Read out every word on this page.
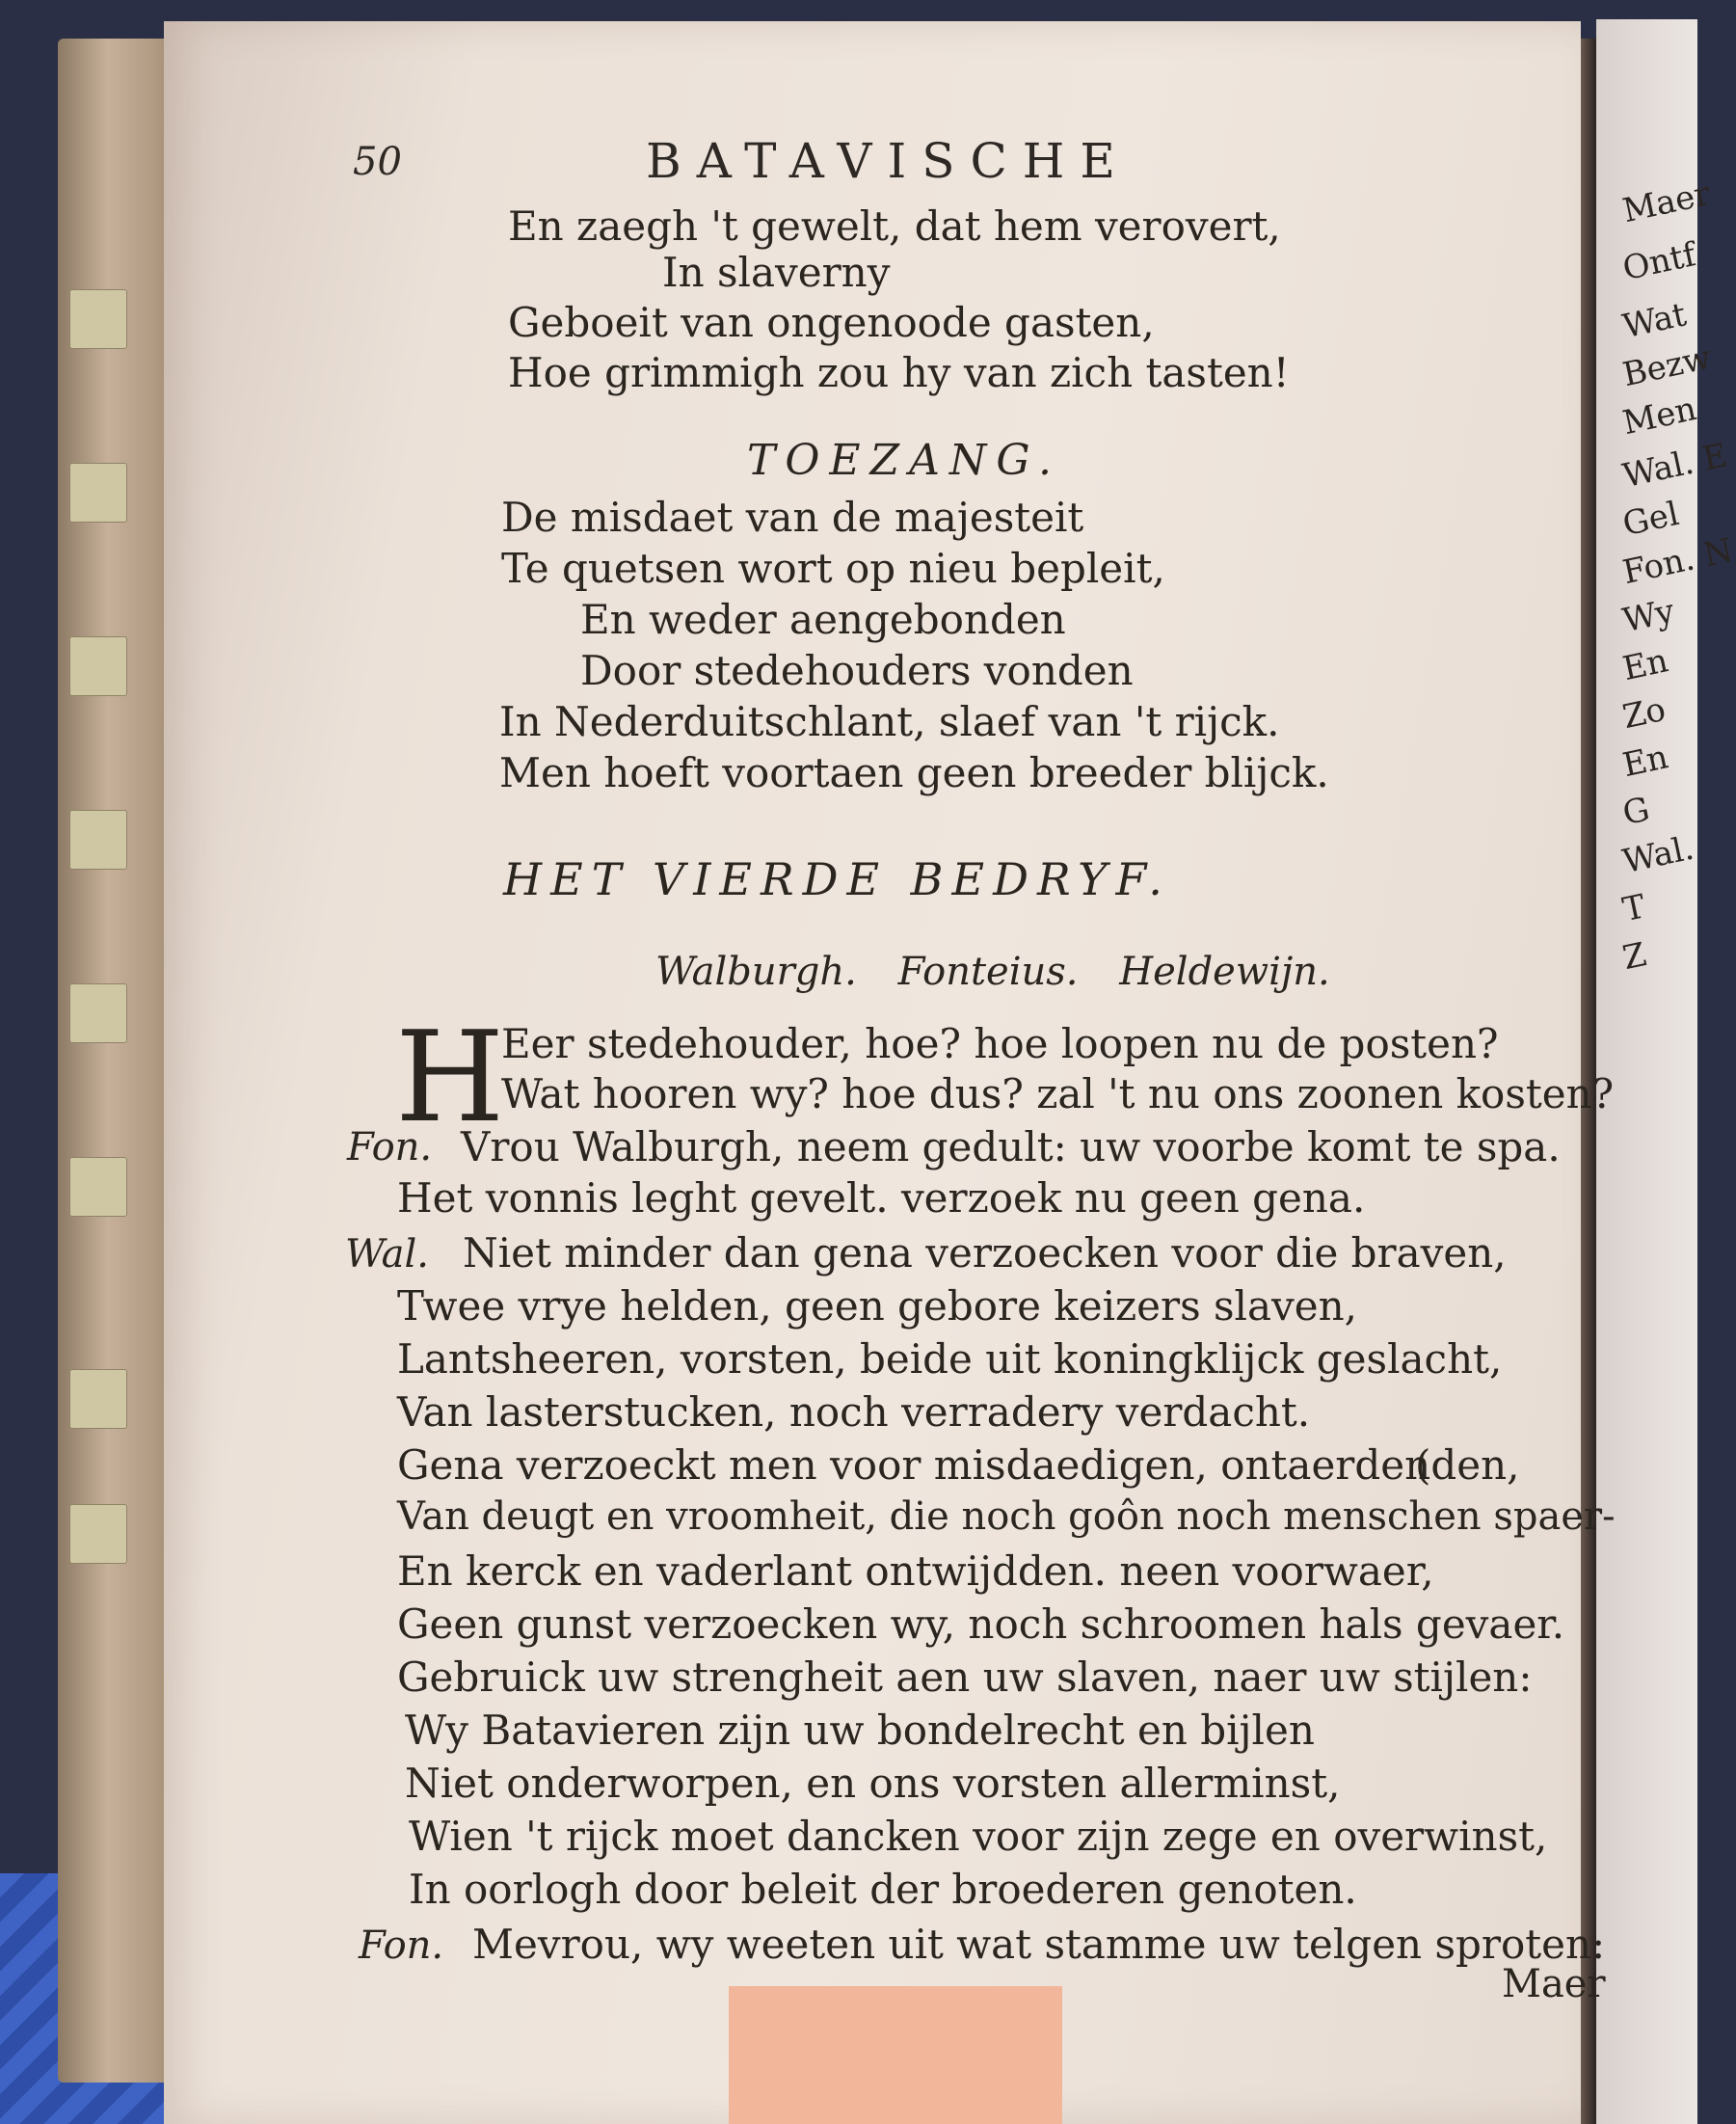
Maer
Ontf
Wat
Bezw
Men
Wal. E
Gel
Fon. N
Wy
En
Zo
En
G
Wal.
T
Z
50	BATAVISCHE
En zaegh 't gewelt, dat hem verovert,
In slaverny
Geboeit van ongenoode gasten,
Hoe grimmigh zou hy van zich tasten!
TOEZANG.
De misdaet van de majesteit
Te quetsen wort op nieu bepleit,
En weder aengebonden
Door stedehouders vonden
In Nederduitschlant, slaef van 't rijck.
Men hoeft voortaen geen breeder blijck.
HET VIERDE BEDRYF.
Walburgh. Fonteius. Heldewijn.
H
Eer stedehouder, hoe? hoe loopen nu de posten?
Wat hooren wy? hoe dus? zal 't nu ons zoonen kosten?
Fon. Vrou Walburgh, neem gedult: uw voorbe komt te spa.
Het vonnis leght gevelt. verzoek nu geen gena.
Wal. Niet minder dan gena verzoecken voor die braven,
Twee vrye helden, geen gebore keizers slaven,
Lantsheeren, vorsten, beide uit koningklijck geslacht,
Van lasterstucken, noch verradery verdacht.
Gena verzoeckt men voor misdaedigen, ontaerden
(den,
Van deugt en vroomheit, die noch goôn noch menschen spaer-
En kerck en vaderlant ontwijdden. neen voorwaer,
Geen gunst verzoecken wy, noch schroomen hals gevaer.
Gebruick uw strengheit aen uw slaven, naer uw stijlen:
Wy Batavieren zijn uw bondelrecht en bijlen
Niet onderworpen, en ons vorsten allerminst,
Wien 't rijck moet dancken voor zijn zege en overwinst,
In oorlogh door beleit der broederen genoten.
Fon. Mevrou, wy weeten uit wat stamme uw telgen sproten:
Maer
